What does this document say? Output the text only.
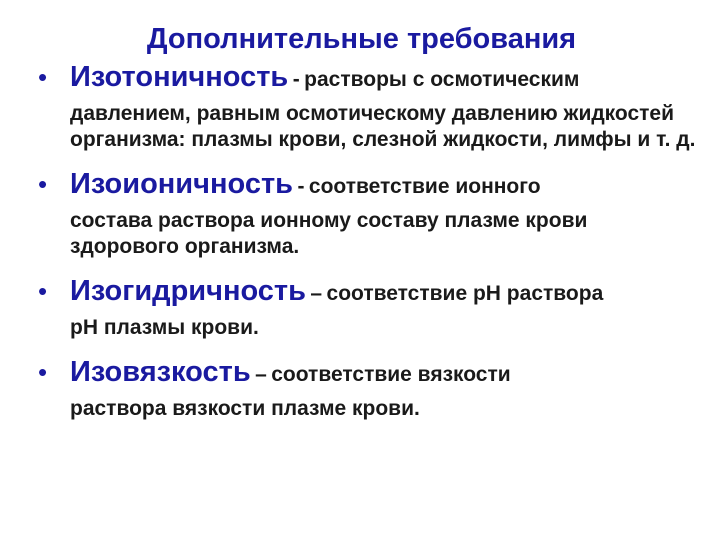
Дополнительные требования
• Изотоничность - растворы с осмотическим
давлением, равным осмотическому давлению жидкостей организма: плазмы крови, слезной жидкости, лимфы и т. д.
• Изоионичность - соответствие ионного
состава раствора ионному составу плазме крови здорового организма.
• Изогидричность – соответствие рН раствора
рН плазмы крови.
• Изовязкость – соответствие вязкости
раствора вязкости плазме крови.
